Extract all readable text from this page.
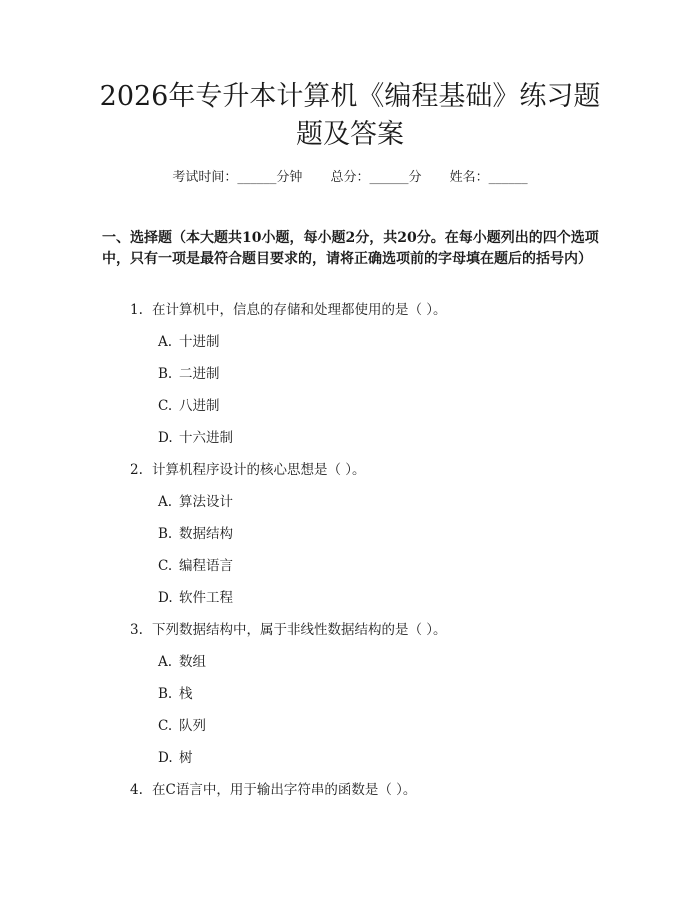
2026年专升本计算机《编程基础》练习题题及答案
考试时间：______分钟 总分：______分 姓名：______

一、选择题（本大题共10小题，每小题2分，共20分。在每小题列出的四个选项中，只有一项是最符合题目要求的，请将正确选项前的字母填在题后的括号内）

1. 在计算机中，信息的存储和处理都使用的是（ ）。
A. 十进制
B. 二进制
C. 八进制
D. 十六进制
2. 计算机程序设计的核心思想是（ ）。
A. 算法设计
B. 数据结构
C. 编程语言
D. 软件工程
3. 下列数据结构中，属于非线性数据结构的是（ ）。
A. 数组
B. 栈
C. 队列
D. 树
4. 在C语言中，用于输出字符串的函数是（ ）。
